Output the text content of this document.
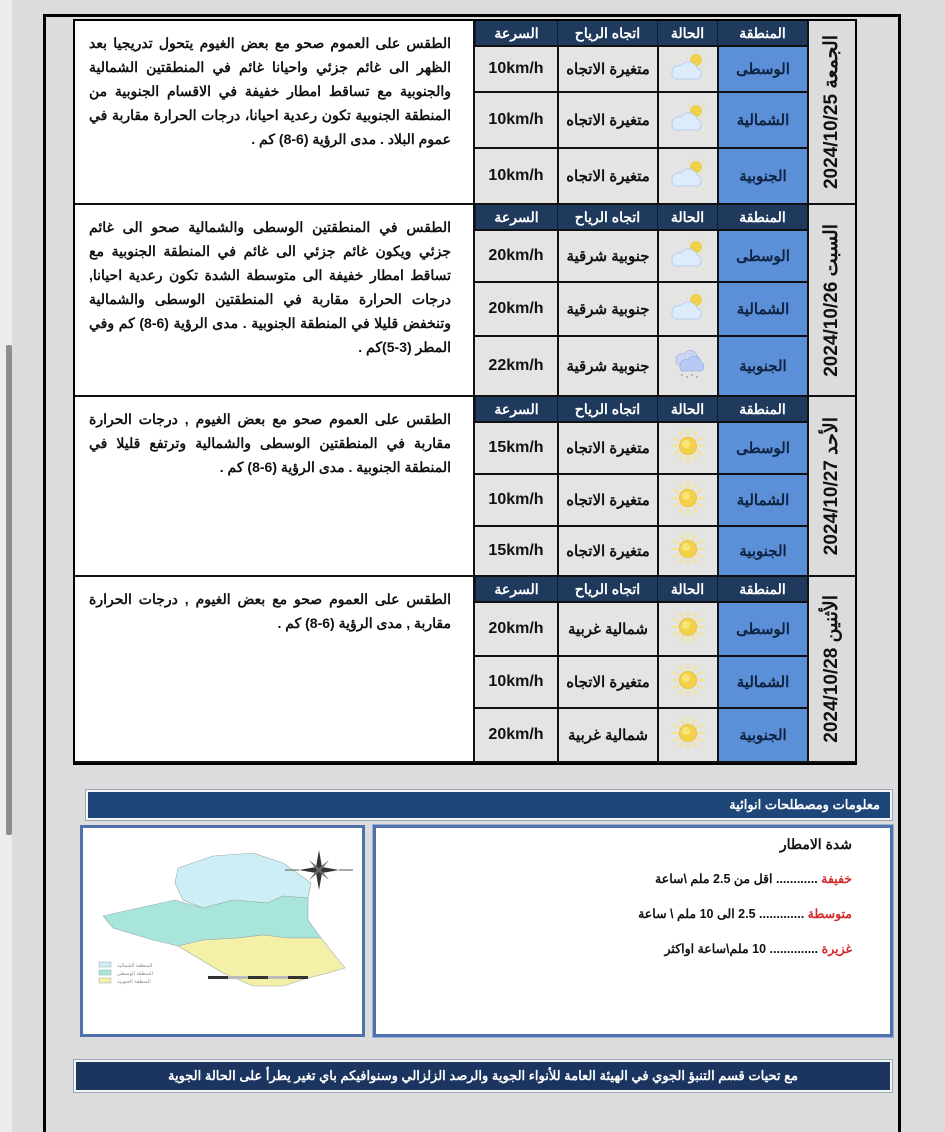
الجمعة 2024/10/25
المنطقة
الحالة
اتجاه الرياح
السرعة
الوسطى
متغيرة الاتجاه
10km/h
الشمالية
متغيرة الاتجاه
10km/h
الجنوبية
متغيرة الاتجاه
10km/h
الطقس على العموم صحو مع بعض الغيوم يتحول تدريجيا بعد الظهر الى غائم جزئي واحيانا غائم في المنطقتين الشمالية والجنوبية مع تساقط امطار خفيفة في الاقسام الجنوبية من المنطقة الجنوبية تكون رعدية احيانا، درجات الحرارة مقاربة في عموم البلاد . مدى الرؤية (6-8) كم .
السبت 2024/10/26
المنطقة
الحالة
اتجاه الرياح
السرعة
الوسطى
جنوبية شرقية
20km/h
الشمالية
جنوبية شرقية
20km/h
الجنوبية
جنوبية شرقية
22km/h
الطقس في المنطقتين الوسطى والشمالية صحو الى غائم جزئي ويكون غائم جزئي الى غائم في المنطقة الجنوبية مع تساقط امطار خفيفة الى متوسطة الشدة تكون رعدية احيانا, درجات الحرارة مقاربة في المنطقتين الوسطى والشمالية وتنخفض قليلا في المنطقة الجنوبية . مدى الرؤية (6-8) كم وفي المطر (3-5)كم .
الأحد 2024/10/27
المنطقة
الحالة
اتجاه الرياح
السرعة
الوسطى
متغيرة الاتجاه
15km/h
الشمالية
متغيرة الاتجاه
10km/h
الجنوبية
متغيرة الاتجاه
15km/h
الطقس على العموم صحو مع بعض الغيوم , درجات الحرارة مقاربة في المنطقتين الوسطى والشمالية وترتفع قليلا في المنطقة الجنوبية . مدى الرؤية (6-8) كم .
الأثنين 2024/10/28
المنطقة
الحالة
اتجاه الرياح
السرعة
الوسطى
شمالية غربية
20km/h
الشمالية
متغيرة الاتجاه
10km/h
الجنوبية
شمالية غربية
20km/h
الطقس على العموم صحو مع بعض الغيوم , درجات الحرارة مقاربة , مدى الرؤية (6-8) كم .
معلومات ومصطلحات انوائية
المنطقة الشمالية
المنطقة الوسطى
المنطقة الجنوبية
شدة الامطار
خفيفة ............ اقل من 2.5 ملم \ساعة
متوسطة ............. 2.5 الى 10 ملم \ ساعة
غزيرة .............. 10 ملم\ساعة اواكثر
مع تحيات قسم التنبؤ الجوي في الهيئة العامة للأنواء الجوية والرصد الزلزالي وسنوافيكم باي تغير يطرأ على الحالة الجوية
